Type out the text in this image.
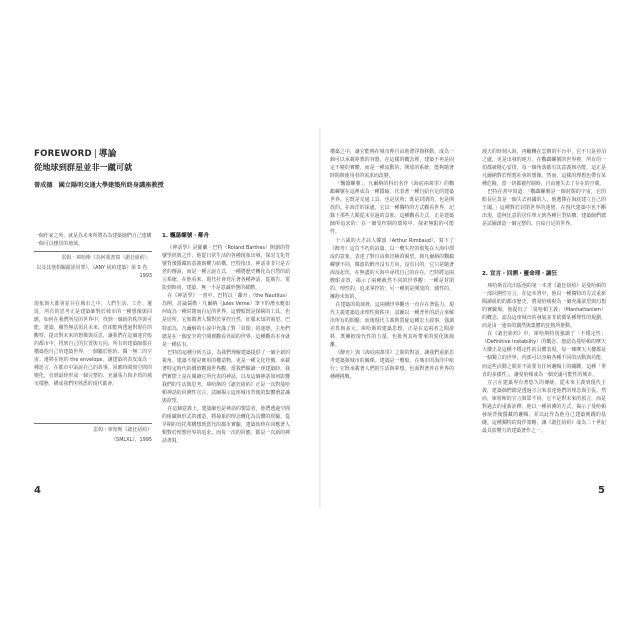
FOREWORD | 導論
從地球到群星並非一蹴可就
曾成德 國立陽明交通大學建築所終身講座教授
一個作家之所，就是為未來所將為為建築師們自己建構一個可以棲居的地域。
雷姆・庫哈斯《為何我書寫〈譫狂紐約〉，
以及其他相關錯誤用罪》，《ANY 紐約建築》第 0 卷，1993
現象與大都會並存在城市之中，人們生活、工作、遷徙，所有的思考正是建築師對於城市的一種想像與回應，如何在我們所見的世界中，找到一個新的秩序與可能。建築，雖然無法預見未來，但卻能夠透過對現在的觀察，提出對未來的想像與反思，讓我們在這個迷宮般的都市中，找到自己的位置與方向。所有的建築師都在構築他自己的建築世界，一個屬於他的、獨一無二的宇宙。遷移在地的 the envelope，讓建築的表皮成為一種語言，在都市中訴說自己的故事，回應時間與空間的變化，直到最終形成一個完整的、充滿張力與矛盾的城市樣態，構成我們所熟悉的現代都會。
雷姆・庫哈斯《譫狂紐約》
《SMLXL》，1995
1. 飄蕩螺號・鄰舟

《神話學》是羅蘭・巴特（Roland Barthes）開創的符號學經典之作，他從日常生活的各種現象出發，探討文化符號背後隱藏的意義與權力結構。巴特指出，神話並非只是古老的傳說，而是一種言說方式，一種將歷史轉化為自然的語言系統。在他看來，現代社會充斥著各種神話，從廣告、電影到時尚、建築，無一不是意識形態的載體。

在《神話學》一書中，巴特以「鄰舟」（the Nautilus）為例，討論儒勒・凡爾納（Jules Verne）筆下的潛水艇如何成為一種封閉而自足的世界。這艘船既是探險的工具，也是居所，它象徵著人類對於掌控自然、征服未知的渴望。巴特認為，凡爾納的小說中充滿了對「封閉」的迷戀，主角們總是在一個安全的空間裡觀看外面的世界，這種觀看本身就是一種佔有。

巴特的這種分析方法，為我們理解建築提供了一個全新的視角。建築不僅是實用的構造物，更是一種文化符號，承載著特定時代的價值觀與世界觀。當我們閱讀一座建築時，我們實際上是在閱讀它所代表的神話，以及這個神話如何影響我們的生活與思考。庫哈斯的《譫狂紐約》正是一次對曼哈頓神話的回溯性宣言，試圖揭示這座城市背後的集體潛意識與欲望。

在這個意義上，建築師也是神話的製造者，他們透過空間的組織與形式的創造，將抽象的理念轉化為具體的經驗。從早期的烏托邦構想到當代的都市實驗，建築始終在回應著人類對於理想世界的追求，而每一次的回應，都是一次新的神話書寫。

4

構築之中，讓它能夠在城市裡自由地漂浮與移動，成為一個可以承載夢想的容器。在這樣的概念裡，建築不再是固定不變的實體，而是一種流動的、開放的系統，能夠隨著時間與使用者的需求而改變。

「飄蕩螺號」，凡爾納的科幻名作《海底兩萬里》的鸚鵡螺號在這裡成為一種隱喻，代表著一種自給自足的建築世界。它既是交通工具，也是居所；既是封閉的，也是開放的。在海洋的深處，它以一種獨特的方式觀看世界，記錄下那些人類從未見過的景象。這種觀看方式，正是建築師所追求的：在一個受控制的環境中，探索無限的可能性。

十六歲的天才詩人韓波（Arthur Rimbaud），寫下了《醉舟》這首不朽的詩篇，以一艘失控的船隻在大海中漂流的意象，表達了對自由與冒險的渴望。與凡爾納的鸚鵡螺號不同，韓波的醉舟沒有方向、沒有目的，它只是隨著海浪起伏，在無盡的大海中尋找自己的存在。巴特將這兩艘船並置，揭示了兩種截然不同的世界觀：一種是封閉的、理性的、追求掌控的；另一種則是開放的、感性的、擁抱未知的。

在建築的領域裡，這兩種世界觀也一直存在著張力。現代主義建築追求理性與秩序，試圖以一種普世的語言來解決所有的問題；而後現代主義則質疑這種宏大敘事，強調差異與多元。庫哈斯的建築思想，正是在這兩者之間游移，既擁抱現代性的力量，也批判其所帶來的異化與疏離。

《醉舟》與《海底兩萬里》之間的對話，讓我們重新思考建築與城市的關係。建築是一艘船，在城市的海洋中航行；它既承載著人們的生活與夢想，也面對著外在世界的種種挑戰。

漫天的時刻入海，再輾轉在雲朝的平台中，它不只是停泊之處，更是出發的地方。在鸚鵡螺號的世界裡，所有的一切都被精心安排，每一個角落都有其意義與功能，這正是凡爾納對於理想社會的想像。然而，這樣的理想也帶有某種危險，當一切都被控制時，自由便失去了存在的空間。

巴特在書中寫道：「鸚鵡螺號是一個封閉的宇宙，它的船長尼莫是一個失去祖國的人，他選擇在海底建立自己的王國。」這種對於封閉世界的迷戀，在現代建築中也不斷出現，從柯比意的居住單元到各種巨型結構，建築師們總是試圖創造一個完整的、自給自足的世界。

2. 宣言・回溯・靈命理・譫狂

庫哈斯首次出版他的第一本書《譫狂紐約》是曼哈頓的一部回溯性宣言，在這本書中，他以一種獨特的方式重新閱讀紐約的都市歷史，將曼哈頓視為一個充滿欲望與幻想的實驗場。他提出了「曼哈頓主義」（Manhattanism）的概念，認為這座城市的發展並非依循某種理性的規劃，而是由一連串的偶然與集體的狂熱所推動。

在《譫狂紐約》中，庫哈斯特別強調了「不穩定性」（Definitive Instability）的概念，他認為曼哈頓的摩天大樓正是這種不穩定性的具體表現。每一棟摩天大樓都是一個獨立的世界，內部可以容納各種不同的活動與功能，而這些活動之間並不需要有任何邏輯上的關聯。這種「垂直的多樣性」，讓曼哈頓成為一個充滿可能性的城市。

宣言在建築界有著悠久的傳統，從未來主義到現代主義，建築師們總是透過宣言來表達他們的理念與主張。然而，庫哈斯的宣言與眾不同，它不是對未來的預言，而是對過去的重新詮釋。他以一種回溯的方式，揭示了曼哈頓發展背後隱藏的邏輯，並以此作為他自己建築實踐的基礎。這種獨特的寫作策略，讓《譫狂紐約》成為二十世紀最具影響力的建築著作之一。

5
